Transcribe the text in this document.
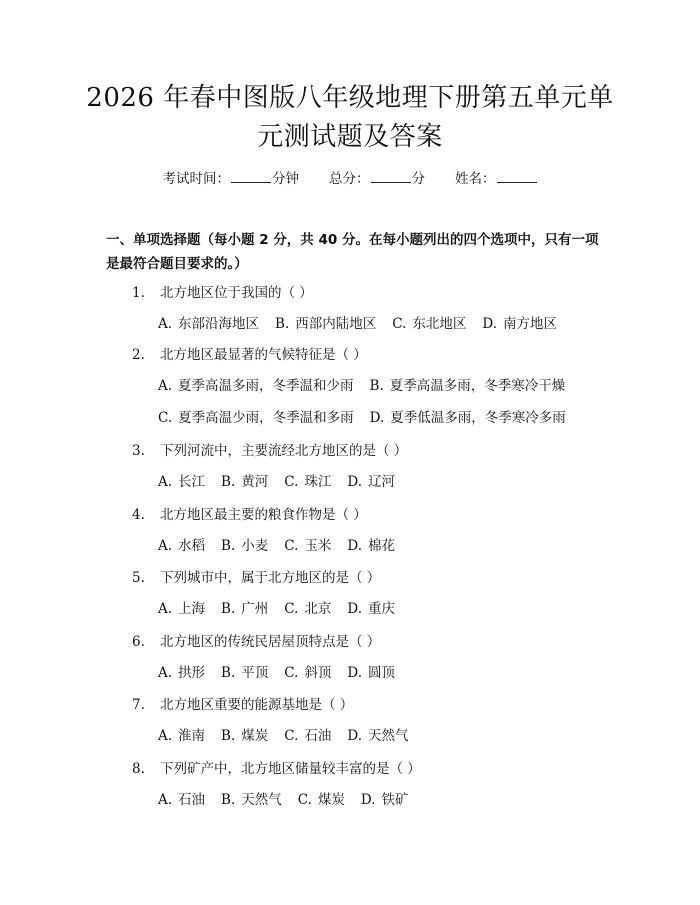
2026 年春中图版八年级地理下册第五单元单
元测试题及答案
考试时间：	分钟 总分：	分 姓名：
一、单项选择题（每小题 2 分，共 40 分。在每小题列出的四个选项中，只有一项是最符合题目要求的。）
1. 北方地区位于我国的（ ）
A. 东部沿海地区 B. 西部内陆地区 C. 东北地区 D. 南方地区
2. 北方地区最显著的气候特征是（ ）
A. 夏季高温多雨，冬季温和少雨 B. 夏季高温多雨，冬季寒冷干燥
C. 夏季高温少雨，冬季温和多雨 D. 夏季低温多雨，冬季寒冷多雨
3. 下列河流中，主要流经北方地区的是（ ）
A. 长江 B. 黄河 C. 珠江 D. 辽河
4. 北方地区最主要的粮食作物是（ ）
A. 水稻 B. 小麦 C. 玉米 D. 棉花
5. 下列城市中，属于北方地区的是（ ）
A. 上海 B. 广州 C. 北京 D. 重庆
6. 北方地区的传统民居屋顶特点是（ ）
A. 拱形 B. 平顶 C. 斜顶 D. 圆顶
7. 北方地区重要的能源基地是（ ）
A. 淮南 B. 煤炭 C. 石油 D. 天然气
8. 下列矿产中，北方地区储量较丰富的是（ ）
A. 石油 B. 天然气 C. 煤炭 D. 铁矿
